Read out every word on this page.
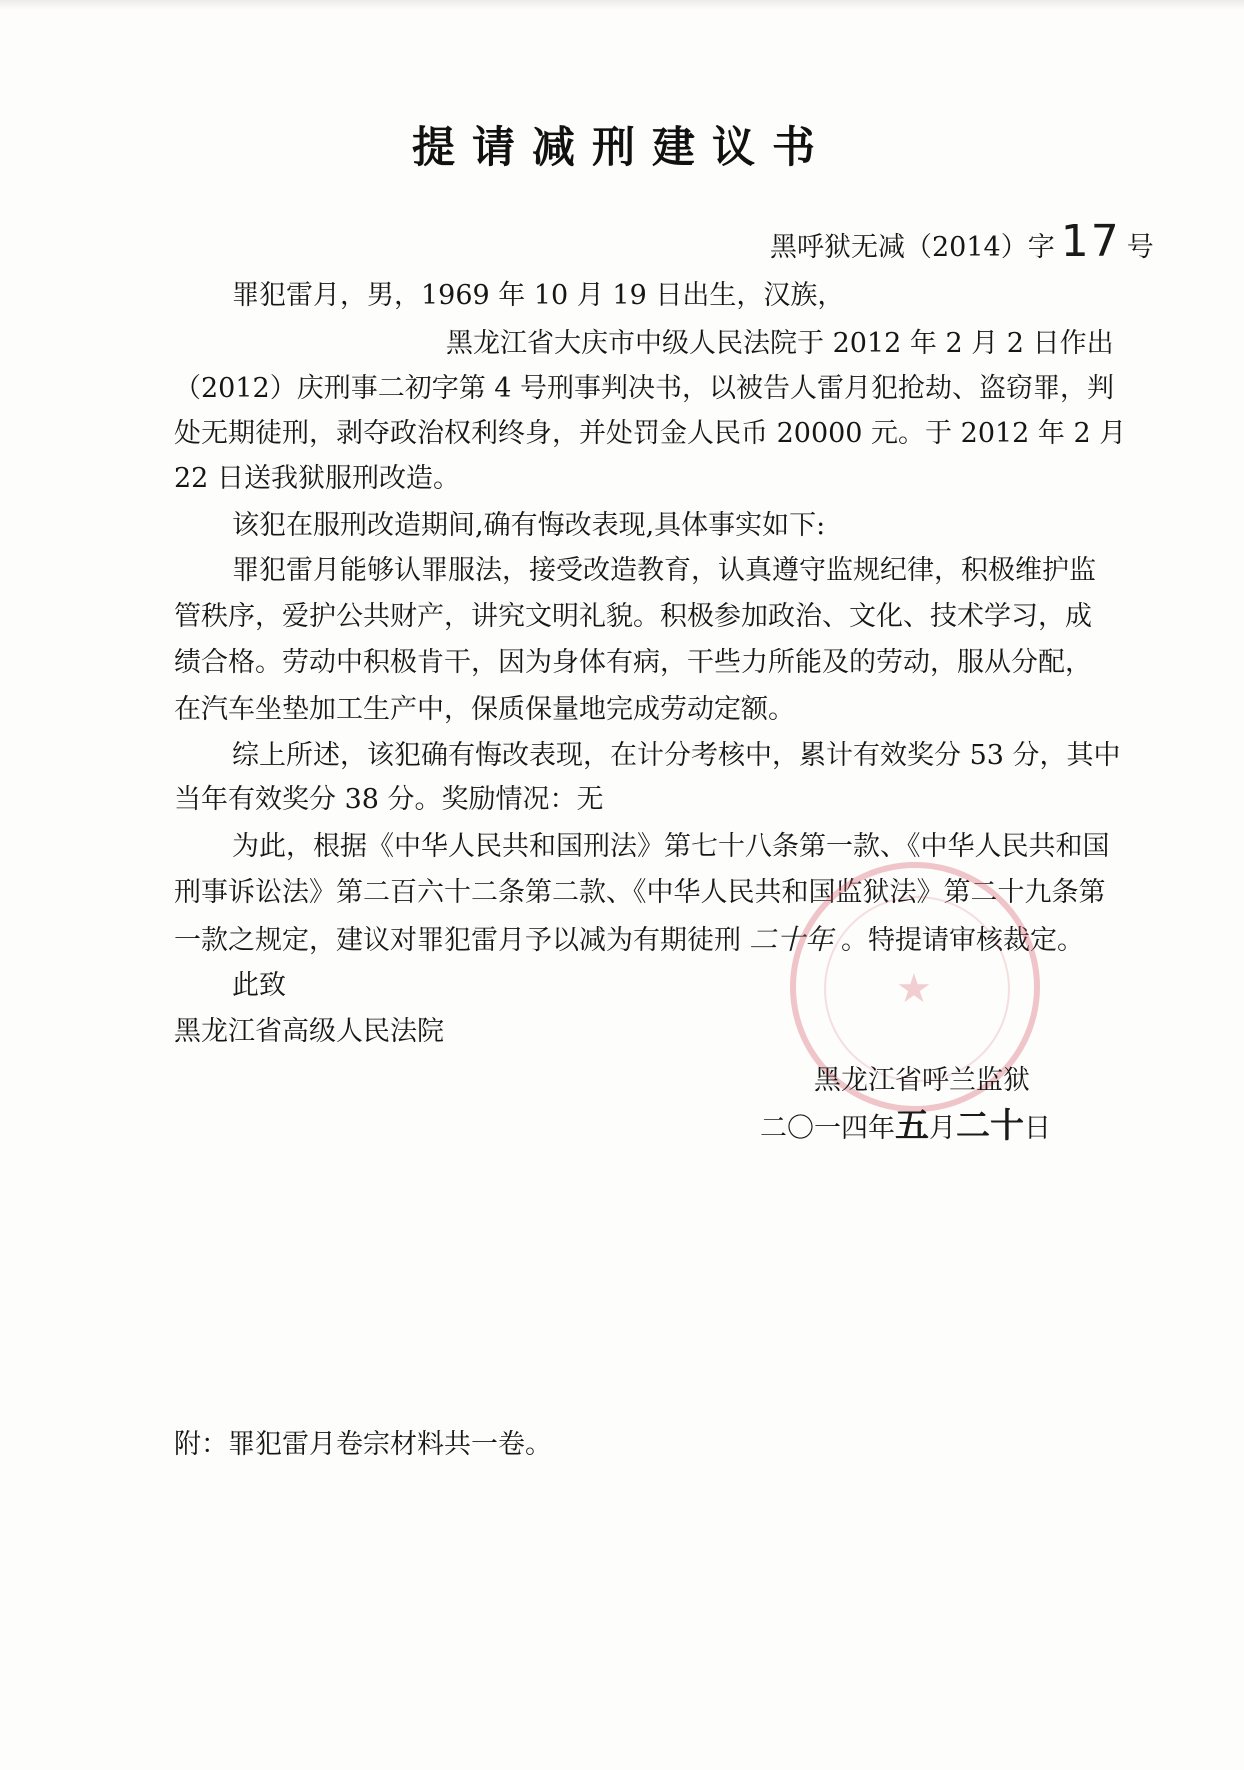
提请减刑建议书
黑呼狱无减（2014）字 17 号
罪犯雷月，男，1969 年 10 月 19 日出生，汉族，
黑龙江省大庆市中级人民法院于 2012 年 2 月 2 日作出
（2012）庆刑事二初字第 4 号刑事判决书，以被告人雷月犯抢劫、盗窃罪，判
处无期徒刑，剥夺政治权利终身，并处罚金人民币 20000 元。于 2012 年 2 月
22 日送我狱服刑改造。
该犯在服刑改造期间,确有悔改表现,具体事实如下:
罪犯雷月能够认罪服法，接受改造教育，认真遵守监规纪律，积极维护监
管秩序，爱护公共财产，讲究文明礼貌。积极参加政治、文化、技术学习，成
绩合格。劳动中积极肯干，因为身体有病，干些力所能及的劳动，服从分配，
在汽车坐垫加工生产中，保质保量地完成劳动定额。
综上所述，该犯确有悔改表现，在计分考核中，累计有效奖分 53 分，其中
当年有效奖分 38 分。奖励情况：无
为此，根据《中华人民共和国刑法》第七十八条第一款、《中华人民共和国
刑事诉讼法》第二百六十二条第二款、《中华人民共和国监狱法》第二十九条第
一款之规定，建议对罪犯雷月予以减为有期徒刑 二十年 。特提请审核裁定。
★
此致
黑龙江省高级人民法院
黑龙江省呼兰监狱
二〇一四年五月二十日
附：罪犯雷月卷宗材料共一卷。
